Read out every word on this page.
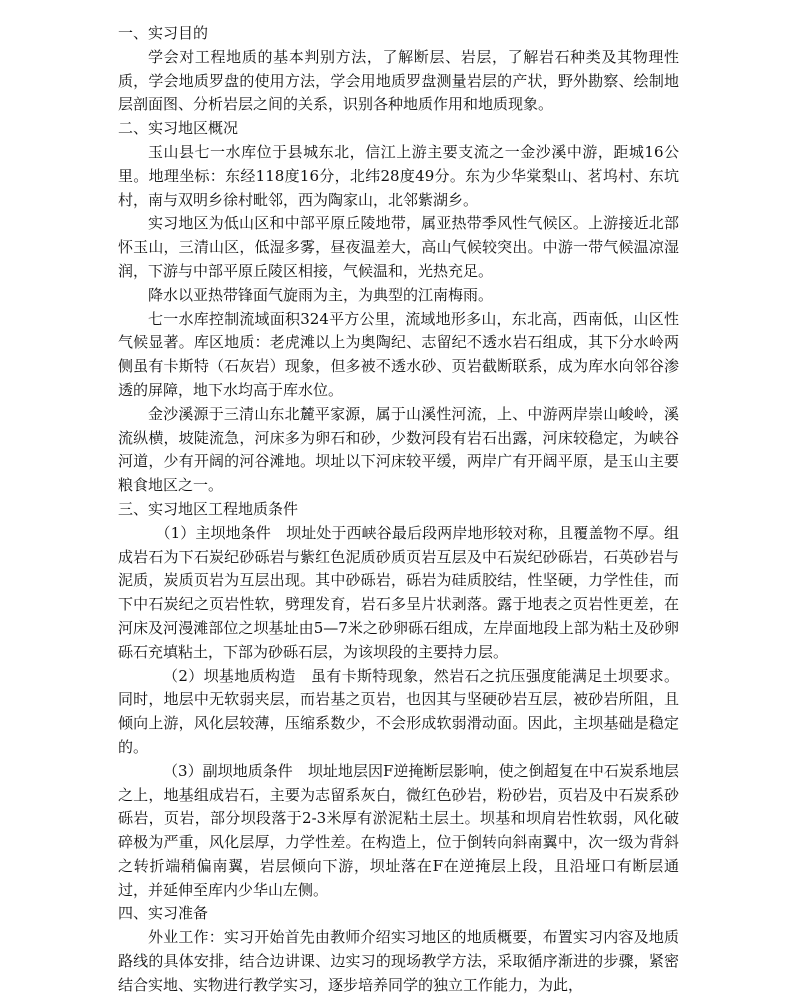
一、实习目的

学会对工程地质的基本判别方法，了解断层、岩层，了解岩石种类及其物理性质，学会地质罗盘的使用方法，学会用地质罗盘测量岩层的产状，野外勘察、绘制地层剖面图、分析岩层之间的关系，识别各种地质作用和地质现象。

二、实习地区概况

玉山县七一水库位于县城东北，信江上游主要支流之一金沙溪中游，距城16公里。地理坐标：东经118度16分，北纬28度49分。东为少华棠梨山、茗坞村、东坑村，南与双明乡徐村毗邻，西为陶家山，北邻紫湖乡。

实习地区为低山区和中部平原丘陵地带，属亚热带季风性气候区。上游接近北部怀玉山，三清山区，低湿多雾，昼夜温差大，高山气候较突出。中游一带气候温凉湿润，下游与中部平原丘陵区相接，气候温和，光热充足。

降水以亚热带锋面气旋雨为主，为典型的江南梅雨。

七一水库控制流域面积324平方公里，流域地形多山，东北高，西南低，山区性气候显著。库区地质：老虎滩以上为奥陶纪、志留纪不透水岩石组成，其下分水岭两侧虽有卡斯特（石灰岩）现象，但多被不透水砂、页岩截断联系，成为库水向邻谷渗透的屏障，地下水均高于库水位。

金沙溪源于三清山东北麓平家源，属于山溪性河流，上、中游两岸崇山峻岭，溪流纵横，坡陡流急，河床多为卵石和砂，少数河段有岩石出露，河床较稳定，为峡谷河道，少有开阔的河谷滩地。坝址以下河床较平缓，两岸广有开阔平原，是玉山主要粮食地区之一。

三、实习地区工程地质条件

（1）主坝地条件　坝址处于西峡谷最后段两岸地形较对称，且覆盖物不厚。组成岩石为下石炭纪砂砾岩与紫红色泥质砂质页岩互层及中石炭纪砂砾岩，石英砂岩与泥质，炭质页岩为互层出现。其中砂砾岩，砾岩为硅质胶结，性坚硬，力学性佳，而下中石炭纪之页岩性软，劈理发育，岩石多呈片状剥落。露于地表之页岩性更差，在河床及河漫滩部位之坝基址由5—7米之砂卵砾石组成，左岸面地段上部为粘土及砂卵砾石充填粘土，下部为砂砾石层，为该坝段的主要持力层。

（2）坝基地质构造　虽有卡斯特现象，然岩石之抗压强度能满足土坝要求。同时，地层中无软弱夹层，而岩基之页岩，也因其与坚硬砂岩互层，被砂岩所阻，且倾向上游，风化层较薄，压缩系数少，不会形成软弱滑动面。因此，主坝基础是稳定的。

（3）副坝地质条件　坝址地层因F逆掩断层影响，使之倒超复在中石炭系地层之上，地基组成岩石，主要为志留系灰白，微红色砂岩，粉砂岩，页岩及中石炭系砂砾岩，页岩，部分坝段落于2-3米厚有淤泥粘土层土。坝基和坝肩岩性软弱，风化破碎极为严重，风化层厚，力学性差。在构造上，位于倒转向斜南翼中，次一级为背斜之转折端稍偏南翼，岩层倾向下游，坝址落在F在逆掩层上段，且沿垭口有断层通过，并延伸至库内少华山左侧。

四、实习准备

外业工作：实习开始首先由教师介绍实习地区的地质概要，布置实习内容及地质路线的具体安排，结合边讲课、边实习的现场教学方法，采取循序渐进的步骤，紧密结合实地、实物进行教学实习，逐步培养同学的独立工作能力，为此，
